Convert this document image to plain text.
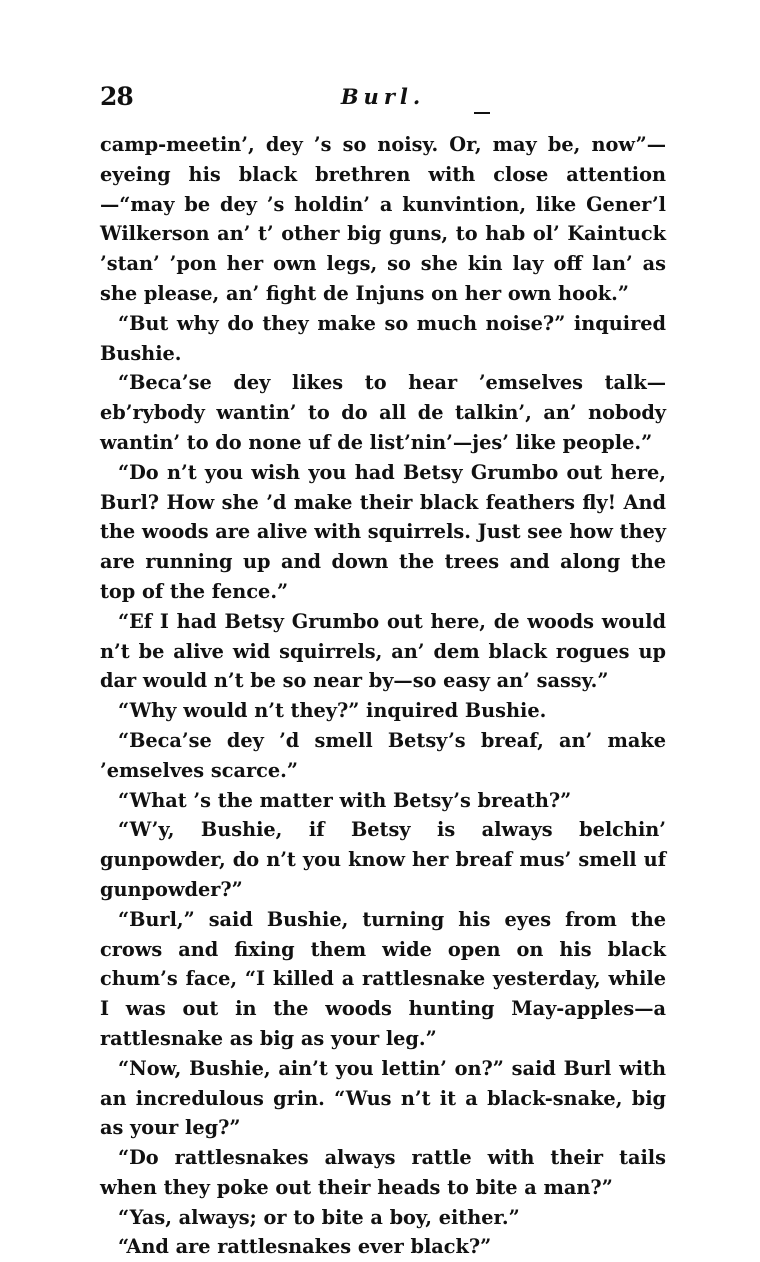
28	Burl.

camp-meetin’, dey ’s so noisy. Or, may be, now”—eyeing his black brethren with close attention—“may be dey ’s holdin’ a kunvintion, like Gener’l Wilkerson an’ t’ other big guns, to hab ol’ Kaintuck ’stan’ ’pon her own legs, so she kin lay off lan’ as she please, an’ fight de Injuns on her own hook.”

“But why do they make so much noise?” inquired Bushie.

“Beca’se dey likes to hear ’emselves talk—eb’rybody wantin’ to do all de talkin’, an’ nobody wantin’ to do none uf de list’nin’—jes’ like people.”

“Do n’t you wish you had Betsy Grumbo out here, Burl? How she ’d make their black feathers fly! And the woods are alive with squirrels. Just see how they are running up and down the trees and along the top of the fence.”

“Ef I had Betsy Grumbo out here, de woods would n’t be alive wid squirrels, an’ dem black rogues up dar would n’t be so near by—so easy an’ sassy.”

“Why would n’t they?” inquired Bushie.

“Beca’se dey ’d smell Betsy’s breaf, an’ make ’emselves scarce.”

“What ’s the matter with Betsy’s breath?”

“W’y, Bushie, if Betsy is always belchin’ gunpowder, do n’t you know her breaf mus’ smell uf gunpowder?”

“Burl,” said Bushie, turning his eyes from the crows and fixing them wide open on his black chum’s face, “I killed a rattlesnake yesterday, while I was out in the woods hunting May-apples—a rattlesnake as big as your leg.”

“Now, Bushie, ain’t you lettin’ on?” said Burl with an incredulous grin. “Wus n’t it a black-snake, big as your leg?”

“Do rattlesnakes always rattle with their tails when they poke out their heads to bite a man?”

“Yas, always; or to bite a boy, either.”

“And are rattlesnakes ever black?”
